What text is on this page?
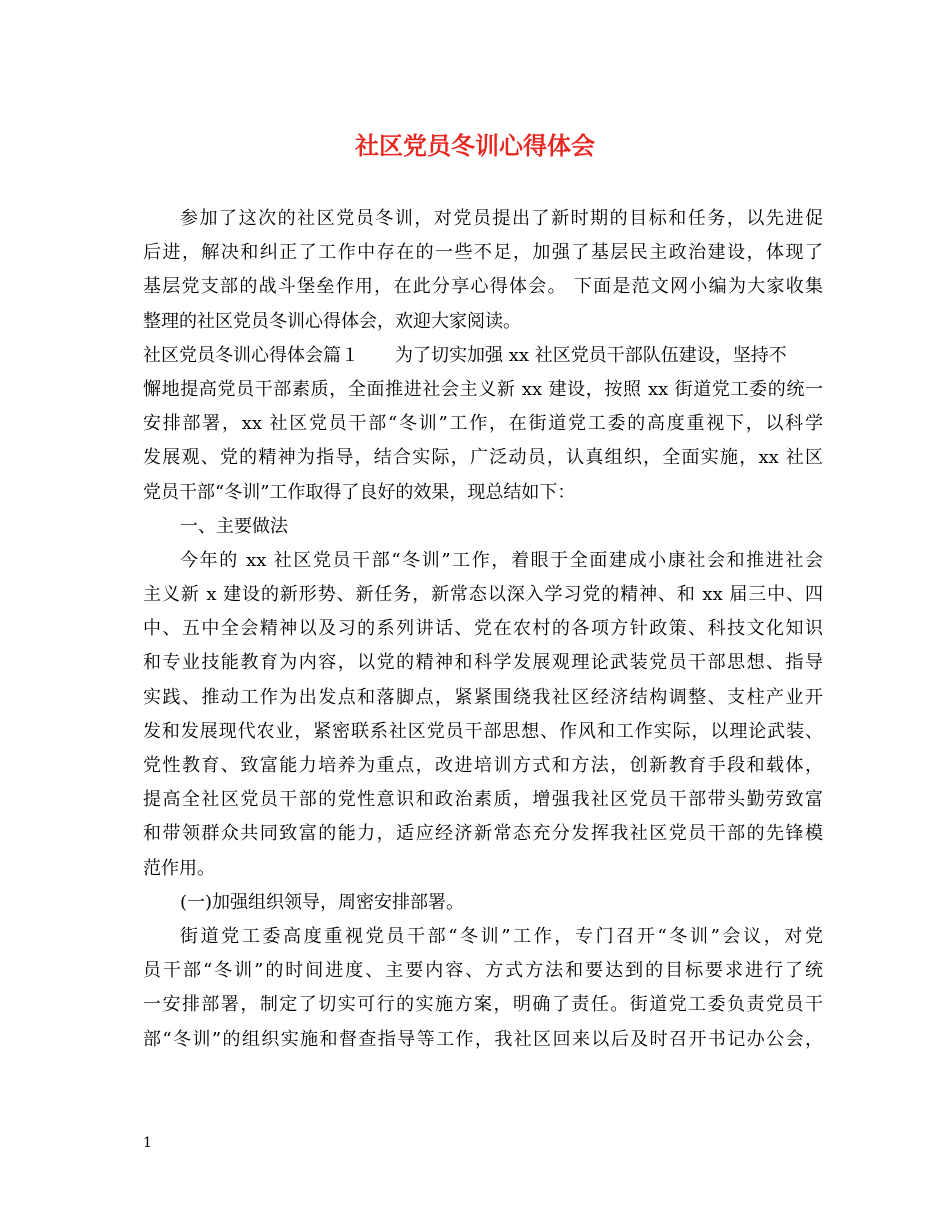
社区党员冬训心得体会
参加了这次的社区党员冬训，对党员提出了新时期的目标和任务，以先进促
后进，解决和纠正了工作中存在的一些不足，加强了基层民主政治建设，体现了
基层党支部的战斗堡垒作用，在此分享心得体会。 下面是范文网小编为大家收集
整理的社区党员冬训心得体会，欢迎大家阅读。
社区党员冬训心得体会篇１　　为了切实加强 xx 社区党员干部队伍建设，坚持不
懈地提高党员干部素质，全面推进社会主义新 xx 建设，按照 xx 街道党工委的统一
安排部署，xx 社区党员干部“冬训”工作，在街道党工委的高度重视下，以科学
发展观、党的精神为指导，结合实际，广泛动员，认真组织，全面实施，xx 社区
党员干部“冬训”工作取得了良好的效果，现总结如下：
一、主要做法
今年的 xx 社区党员干部“冬训”工作，着眼于全面建成小康社会和推进社会
主义新 x 建设的新形势、新任务，新常态以深入学习党的精神、和 xx 届三中、四
中、五中全会精神以及习的系列讲话、党在农村的各项方针政策、科技文化知识
和专业技能教育为内容，以党的精神和科学发展观理论武装党员干部思想、指导
实践、推动工作为出发点和落脚点，紧紧围绕我社区经济结构调整、支柱产业开
发和发展现代农业，紧密联系社区党员干部思想、作风和工作实际，以理论武装、
党性教育、致富能力培养为重点，改进培训方式和方法，创新教育手段和载体，
提高全社区党员干部的党性意识和政治素质，增强我社区党员干部带头勤劳致富
和带领群众共同致富的能力，适应经济新常态充分发挥我社区党员干部的先锋模
范作用。
(一)加强组织领导，周密安排部署。
街道党工委高度重视党员干部“冬训”工作，专门召开“冬训”会议，对党
员干部“冬训”的时间进度、主要内容、方式方法和要达到的目标要求进行了统
一安排部署，制定了切实可行的实施方案，明确了责任。街道党工委负责党员干
部“冬训”的组织实施和督查指导等工作，我社区回来以后及时召开书记办公会，
1
